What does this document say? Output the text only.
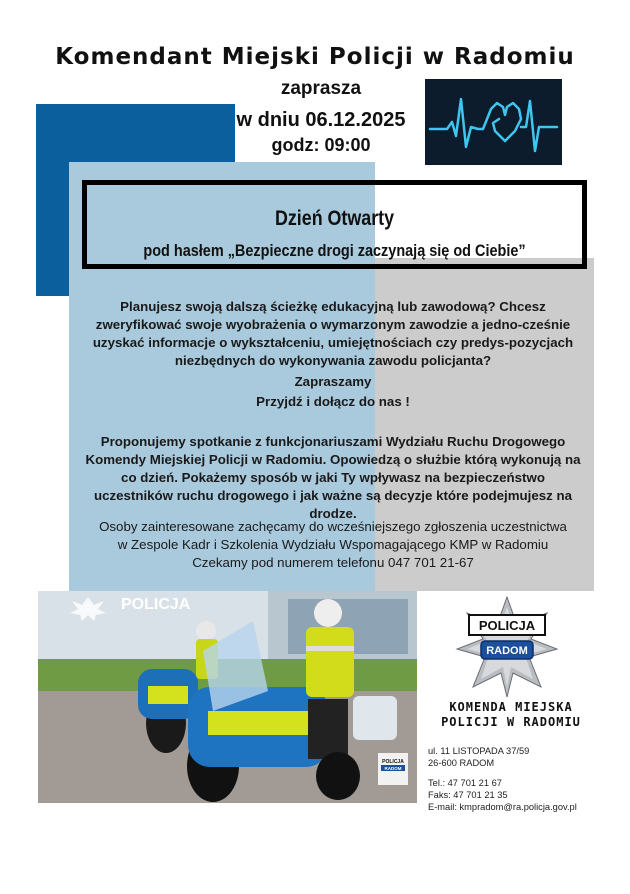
Komendant Miejski Policji w Radomiu
zaprasza
w dniu 06.12.2025
godz: 09:00
Dzień Otwarty
pod hasłem „Bezpieczne drogi zaczynają się od Ciebie”
Planujesz swoją dalszą ścieżkę edukacyjną lub zawodową? Chcesz zweryfikować swoje wyobrażenia o wymarzonym zawodzie a jedno-cześnie uzyskać informacje o wykształceniu, umiejętnościach czy predys-pozycjach niezbędnych do wykonywania zawodu policjanta?
Zapraszamy
Przyjdź i dołącz do nas !
Proponujemy spotkanie z funkcjonariuszami Wydziału Ruchu Drogowego Komendy Miejskiej Policji w Radomiu. Opowiedzą o służbie którą wykonują na co dzień. Pokażemy sposób w jaki Ty wpływasz na bezpieczeństwo uczestników ruchu drogowego i jak ważne są decyzje które podejmujesz na drodze.
Osoby zainteresowane zachęcamy do wcześniejszego zgłoszenia uczestnictwa
w Zespole Kadr i Szkolenia Wydziału Wspomagającego KMP w Radomiu
Czekamy pod numerem telefonu 047 701 21-67
POLICJA
POLICJA
RADOM
POLICJA
RADOM
KOMENDA MIEJSKA
POLICJI W RADOMIU
ul. 11 LISTOPADA 37/59
26-600 RADOM
Tel.: 47 701 21 67
Faks: 47 701 21 35
E-mail: kmpradom@ra.policja.gov.pl
